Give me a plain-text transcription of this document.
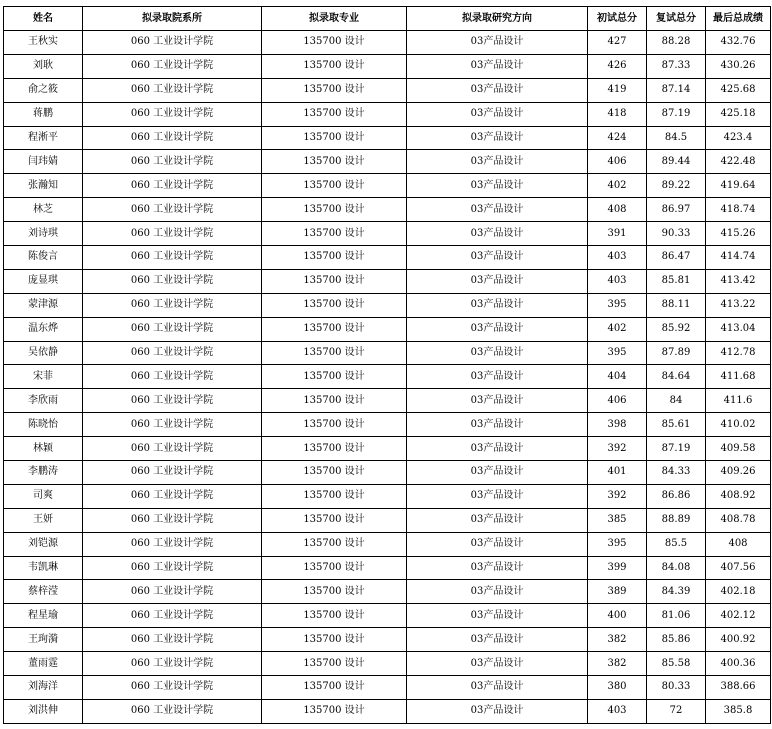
姓名	拟录取院系所	拟录取专业	拟录取研究方向	初试总分	复试总分	最后总成绩
王秋实	060 工业设计学院	135700 设计	03产品设计	427	88.28	432.76
刘耿	060 工业设计学院	135700 设计	03产品设计	426	87.33	430.26
俞之筱	060 工业设计学院	135700 设计	03产品设计	419	87.14	425.68
蒋鹏	060 工业设计学院	135700 设计	03产品设计	418	87.19	425.18
程淅平	060 工业设计学院	135700 设计	03产品设计	424	84.5	423.4
闫玮婧	060 工业设计学院	135700 设计	03产品设计	406	89.44	422.48
张瀚知	060 工业设计学院	135700 设计	03产品设计	402	89.22	419.64
林芝	060 工业设计学院	135700 设计	03产品设计	408	86.97	418.74
刘诗琪	060 工业设计学院	135700 设计	03产品设计	391	90.33	415.26
陈俊言	060 工业设计学院	135700 设计	03产品设计	403	86.47	414.74
庞显琪	060 工业设计学院	135700 设计	03产品设计	403	85.81	413.42
蒙津源	060 工业设计学院	135700 设计	03产品设计	395	88.11	413.22
温东烨	060 工业设计学院	135700 设计	03产品设计	402	85.92	413.04
吴依静	060 工业设计学院	135700 设计	03产品设计	395	87.89	412.78
宋菲	060 工业设计学院	135700 设计	03产品设计	404	84.64	411.68
李欣雨	060 工业设计学院	135700 设计	03产品设计	406	84	411.6
陈晓怡	060 工业设计学院	135700 设计	03产品设计	398	85.61	410.02
林颖	060 工业设计学院	135700 设计	03产品设计	392	87.19	409.58
李鹏涛	060 工业设计学院	135700 设计	03产品设计	401	84.33	409.26
司爽	060 工业设计学院	135700 设计	03产品设计	392	86.86	408.92
王妍	060 工业设计学院	135700 设计	03产品设计	385	88.89	408.78
刘铠源	060 工业设计学院	135700 设计	03产品设计	395	85.5	408
韦凯琳	060 工业设计学院	135700 设计	03产品设计	399	84.08	407.56
蔡梓滢	060 工业设计学院	135700 设计	03产品设计	389	84.39	402.18
程星瑜	060 工业设计学院	135700 设计	03产品设计	400	81.06	402.12
王珣漪	060 工业设计学院	135700 设计	03产品设计	382	85.86	400.92
董雨霆	060 工业设计学院	135700 设计	03产品设计	382	85.58	400.36
刘海洋	060 工业设计学院	135700 设计	03产品设计	380	80.33	388.66
刘洪伸	060 工业设计学院	135700 设计	03产品设计	403	72	385.8
